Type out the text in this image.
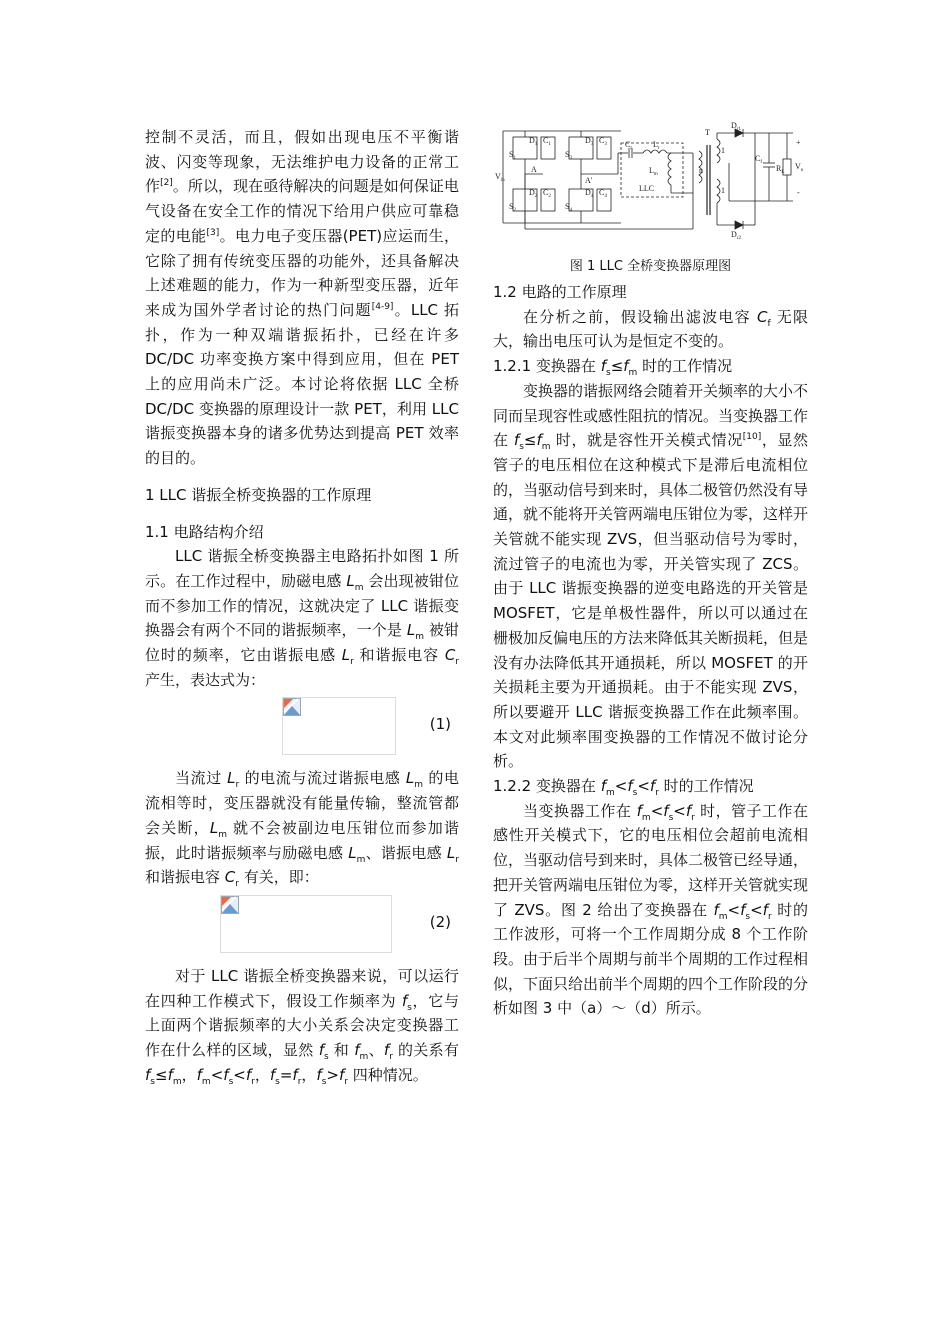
控制不灵活，而且，假如出现电压不平衡谐波、闪变等现象，无法维护电力设备的正常工作[2]。所以，现在亟待解决的问题是如何保证电气设备在安全工作的情况下给用户供应可靠稳定的电能[3]。电力电子变压器(PET)应运而生，它除了拥有传统变压器的功能外，还具备解决上述难题的能力，作为一种新型变压器，近年来成为国外学者讨论的热门问题[4-9]。LLC 拓扑，作为一种双端谐振拓扑，已经在许多 DC/DC 功率变换方案中得到应用，但在 PET 上的应用尚未广泛。本讨论将依据 LLC 全桥 DC/DC 变换器的原理设计一款 PET，利用 LLC 谐振变换器本身的诸多优势达到提高 PET 效率的目的。

1 LLC 谐振全桥变换器的工作原理

1.1 电路结构介绍

LLC 谐振全桥变换器主电路拓扑如图 1 所示。在工作过程中，励磁电感 $L_m$ 会出现被钳位而不参加工作的情况，这就决定了 LLC 谐振变换器会有两个不同的谐振频率，一个是 $L_m$ 被钳位时的频率，它由谐振电感 $L_r$ 和谐振电容 $C_r$ 产生，表达式为：

(1)

当流过 $L_r$ 的电流与流过谐振电感 $L_m$ 的电流相等时，变压器就没有能量传输，整流管都会关断，$L_m$ 就不会被副边电压钳位而参加谐振，此时谐振频率与励磁电感 $L_m$、谐振电感 $L_r$ 和谐振电容 $C_r$ 有关，即：

(2)

对于 LLC 谐振全桥变换器来说，可以运行在四种工作模式下，假设工作频率为 $f_s$，它与上面两个谐振频率的大小关系会决定变换器工作在什么样的区域，显然 $f_s$ 和 $f_m$、$f_r$ 的关系有 $f_s\le f_m$，$f_m<f_s<f_r$，$f_s=f_r$，$f_s>f_r$ 四种情况。

$S_1$
$S_2$
$S_3$
$S_4$
$D_1$
$D_2$
$D_3$
$D_4$
$C_1$
$C_2$
$C_3$
$C_4$
$V_{in}$
A
A'
$C_r$	$L_r$
$L_m$
LLC
T
n
1
1
$D_{r1}$
$D_{r2}$
$C_f$
$R_L$
$V_o$
+
-
图 1 LLC 全桥变换器原理图

1.2 电路的工作原理

在分析之前，假设输出滤波电容 $C_f$ 无限大，输出电压可认为是恒定不变的。

1.2.1 变换器在 $f_s\le f_m$ 时的工作情况

变换器的谐振网络会随着开关频率的大小不同而呈现容性或感性阻抗的情况。当变换器工作在 $f_s\le f_m$ 时，就是容性开关模式情况[10]，显然管子的电压相位在这种模式下是滞后电流相位的，当驱动信号到来时，具体二极管仍然没有导通，就不能将开关管两端电压钳位为零，这样开关管就不能实现 ZVS，但当驱动信号为零时，流过管子的电流也为零，开关管实现了 ZCS。由于 LLC 谐振变换器的逆变电路选的开关管是 MOSFET，它是单极性器件，所以可以通过在栅极加反偏电压的方法来降低其关断损耗，但是没有办法降低其开通损耗，所以 MOSFET 的开关损耗主要为开通损耗。由于不能实现 ZVS，所以要避开 LLC 谐振变换器工作在此频率围。本文对此频率围变换器的工作情况不做讨论分析。

1.2.2 变换器在 $f_m<f_s<f_r$ 时的工作情况

当变换器工作在 $f_m<f_s<f_r$ 时，管子工作在感性开关模式下，它的电压相位会超前电流相位，当驱动信号到来时，具体二极管已经导通，把开关管两端电压钳位为零，这样开关管就实现了 ZVS。图 2 给出了变换器在 $f_m<f_s<f_r$ 时的工作波形，可将一个工作周期分成 8 个工作阶段。由于后半个周期与前半个周期的工作过程相似，下面只给出前半个周期的四个工作阶段的分析如图 3 中（a）～（d）所示。
